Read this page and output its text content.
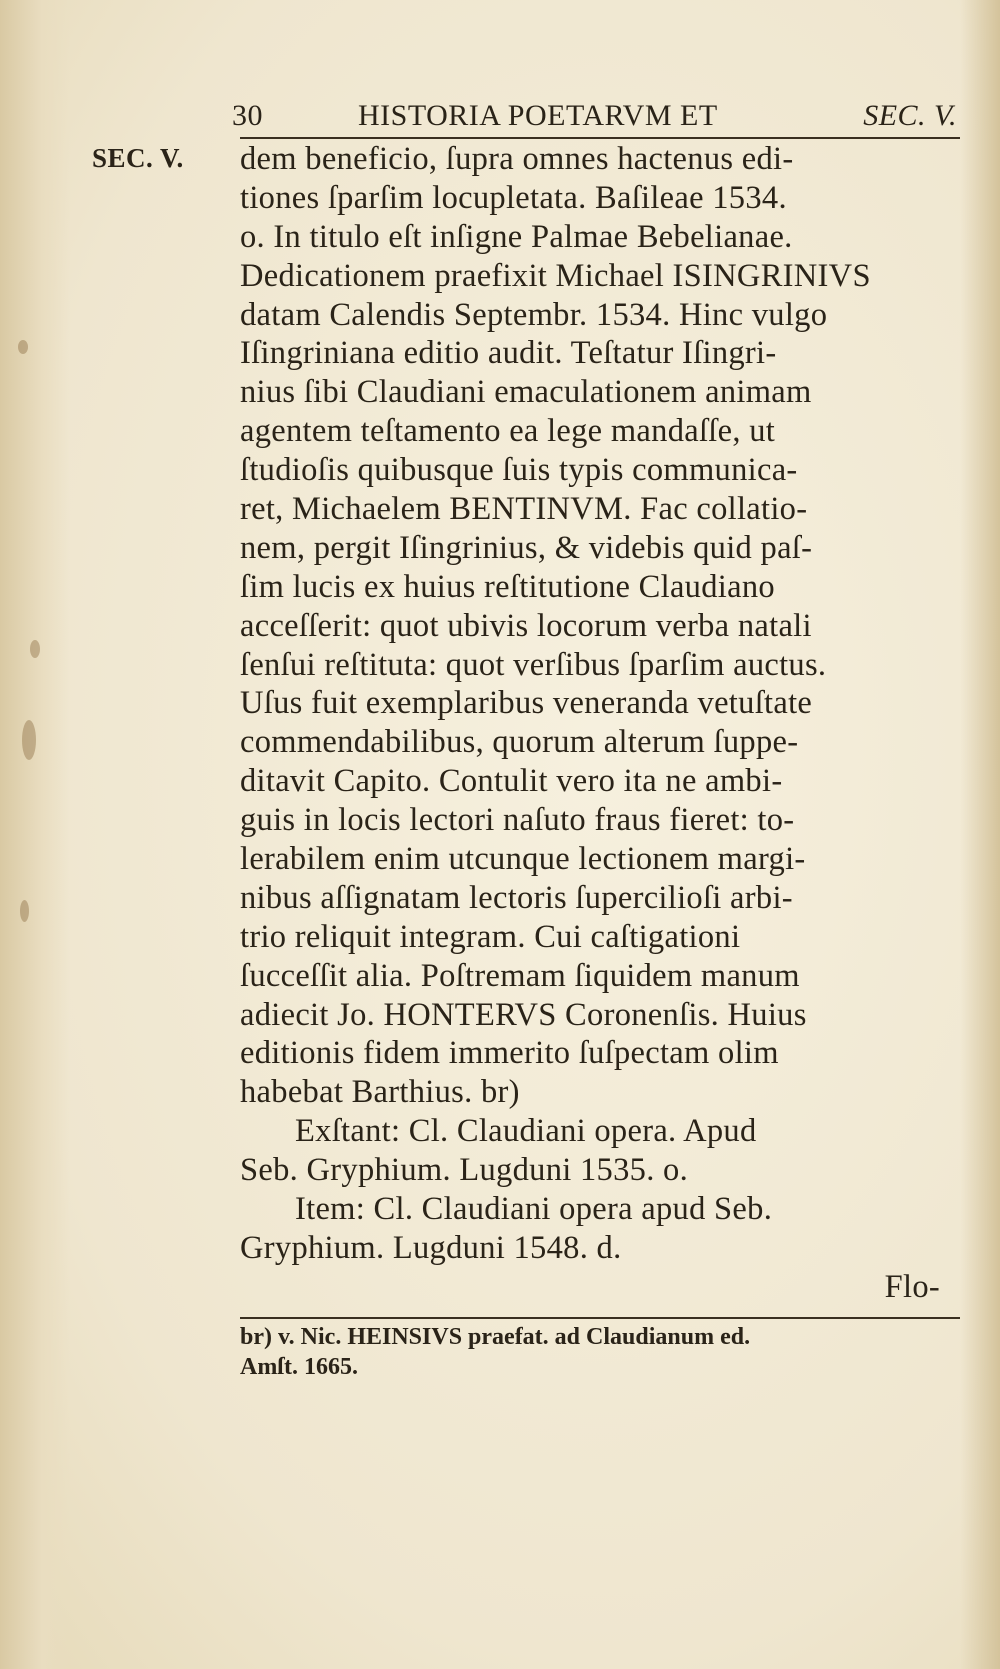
30	HISTORIA POETARVM ET	SEC. V.
SEC. V. dem beneficio, ſupra omnes hactenus edi-
tiones ſparſim locupletata. Baſileae 1534.
o. In titulo eſt inſigne Palmae Bebelianae.
Dedicationem praefixit Michael ISINGRINIVS
datam Calendis Septembr. 1534. Hinc vulgo
Iſingriniana editio audit. Teſtatur Iſingri-
nius ſibi Claudiani emaculationem animam
agentem teſtamento ea lege mandaſſe, ut
ſtudioſis quibusque ſuis typis communica-
ret, Michaelem BENTINVM. Fac collatio-
nem, pergit Iſingrinius, & videbis quid paſ-
ſim lucis ex huius reſtitutione Claudiano
acceſſerit: quot ubivis locorum verba natali
ſenſui reſtituta: quot verſibus ſparſim auctus.
Uſus fuit exemplaribus veneranda vetuſtate
commendabilibus, quorum alterum ſuppe-
ditavit Capito. Contulit vero ita ne ambi-
guis in locis lectori naſuto fraus fieret: to-
lerabilem enim utcunque lectionem margi-
nibus aſſignatam lectoris ſupercilioſi arbi-
trio reliquit integram. Cui caſtigationi
ſucceſſit alia. Poſtremam ſiquidem manum
adiecit Jo. HONTERVS Coronenſis. Huius
editionis fidem immerito ſuſpectam olim
habebat Barthius. br)
Exſtant: Cl. Claudiani opera. Apud
Seb. Gryphium. Lugduni 1535. o.
Item: Cl. Claudiani opera apud Seb.
Gryphium. Lugduni 1548. d.
Flo-
br) v. Nic. HEINSIVS praefat. ad Claudianum ed.
Amſt. 1665.
